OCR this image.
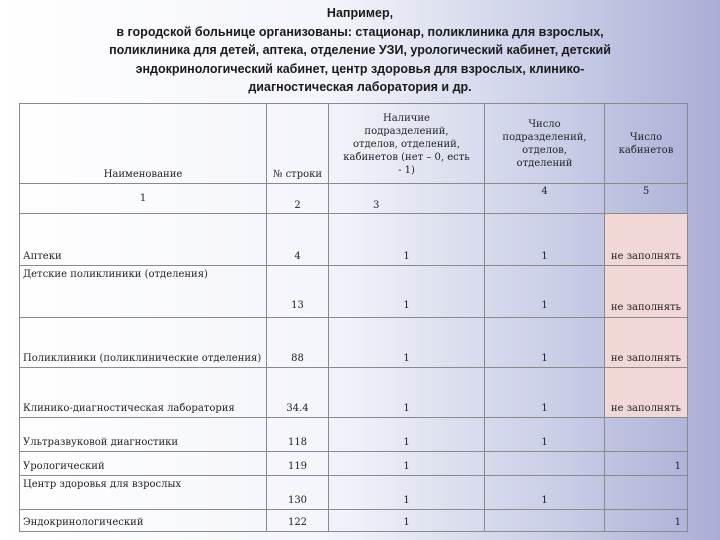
Например,
в городской больнице организованы: стационар, поликлиника для взрослых,
поликлиника для детей, аптека, отделение УЗИ, урологический кабинет, детский
эндокринологический кабинет, центр здоровья для взрослых, клинико-
диагностическая лаборатория и др.
Наименование	№ строки	Наличие подразделений, отделов, отделений, кабинетов (нет – 0, есть - 1)	Число подразделений, отделов, отделений	Число кабинетов

1	2	3	4	5
Аптеки	4	1	1	не заполнять
Детские поликлиники (отделения)	13	1	1	не заполнять
Поликлиники (поликлинические отделения)	88	1	1	не заполнять
Клинико-диагностическая лаборатория	34.4	1	1	не заполнять
Ультразвуковой диагностики	118	1	1	
Урологический	119	1		1
Центр здоровья для взрослых	130	1	1	
Эндокринологический	122	1		1
